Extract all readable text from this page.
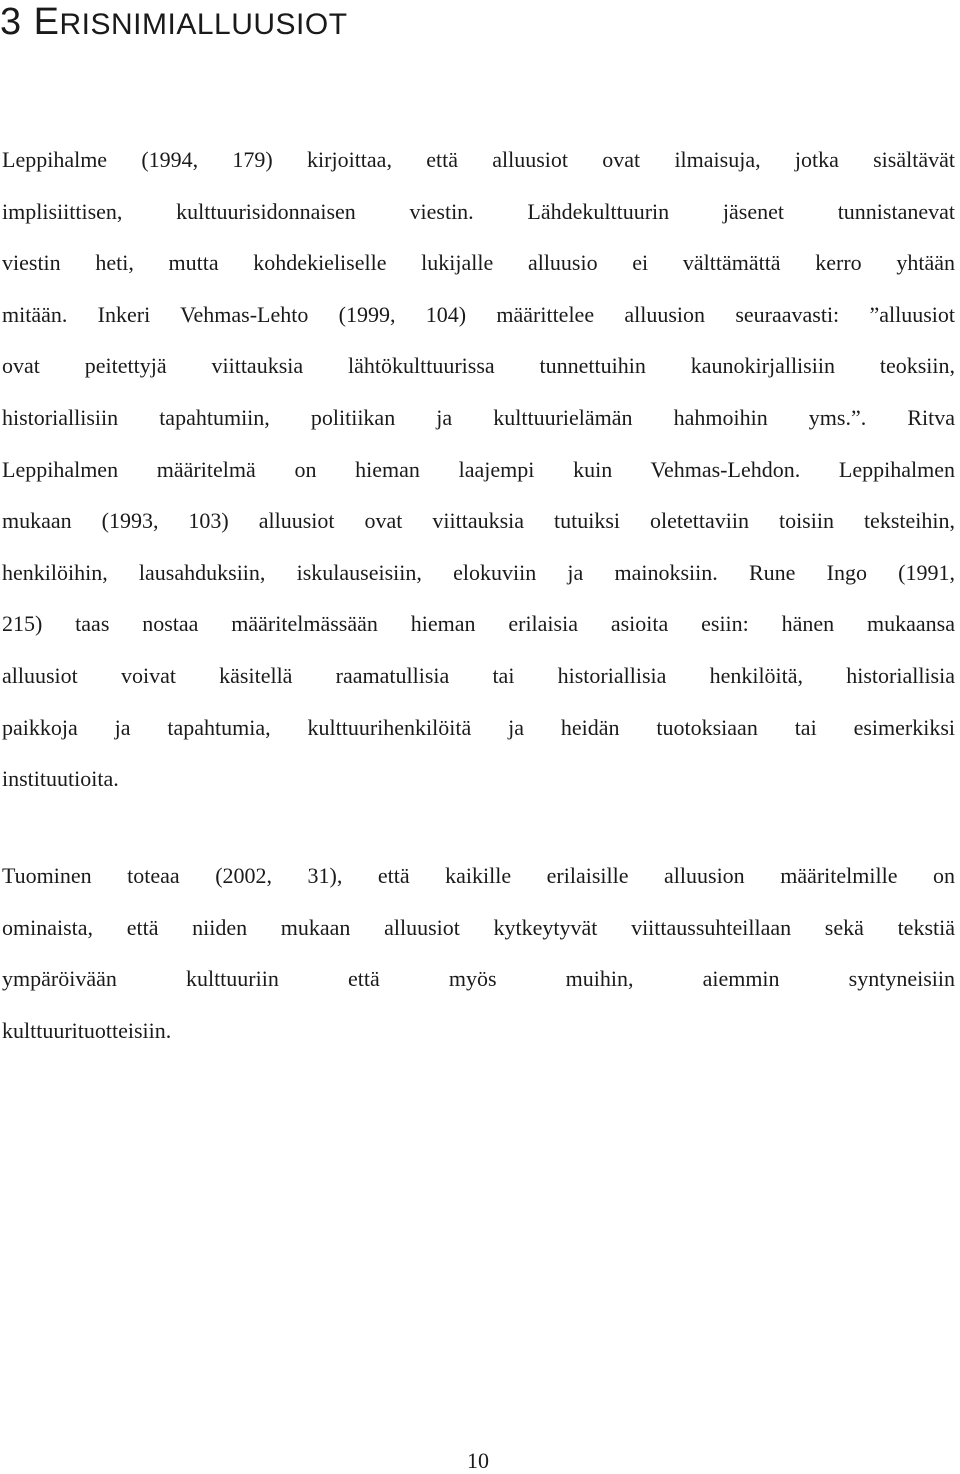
3 ERISNIMIALLUUSIOT
Leppihalme (1994, 179) kirjoittaa, että alluusiot ovat ilmaisuja, jotka sisältävät
implisiittisen, kulttuurisidonnaisen viestin. Lähdekulttuurin jäsenet tunnistanevat
viestin heti, mutta kohdekieliselle lukijalle alluusio ei välttämättä kerro yhtään
mitään. Inkeri Vehmas-Lehto (1999, 104) määrittelee alluusion seuraavasti: ”alluusiot
ovat peitettyjä viittauksia lähtökulttuurissa tunnettuihin kaunokirjallisiin teoksiin,
historiallisiin tapahtumiin, politiikan ja kulttuurielämän hahmoihin yms.”. Ritva
Leppihalmen määritelmä on hieman laajempi kuin Vehmas-Lehdon. Leppihalmen
mukaan (1993, 103) alluusiot ovat viittauksia tutuiksi oletettaviin toisiin teksteihin,
henkilöihin, lausahduksiin, iskulauseisiin, elokuviin ja mainoksiin. Rune Ingo (1991,
215) taas nostaa määritelmässään hieman erilaisia asioita esiin: hänen mukaansa
alluusiot voivat käsitellä raamatullisia tai historiallisia henkilöitä, historiallisia
paikkoja ja tapahtumia, kulttuurihenkilöitä ja heidän tuotoksiaan tai esimerkiksi
instituutioita.
Tuominen toteaa (2002, 31), että kaikille erilaisille alluusion määritelmille on
ominaista, että niiden mukaan alluusiot kytkeytyvät viittaussuhteillaan sekä tekstiä
ympäröivään kulttuuriin että myös muihin, aiemmin syntyneisiin
kulttuurituotteisiin.
10
